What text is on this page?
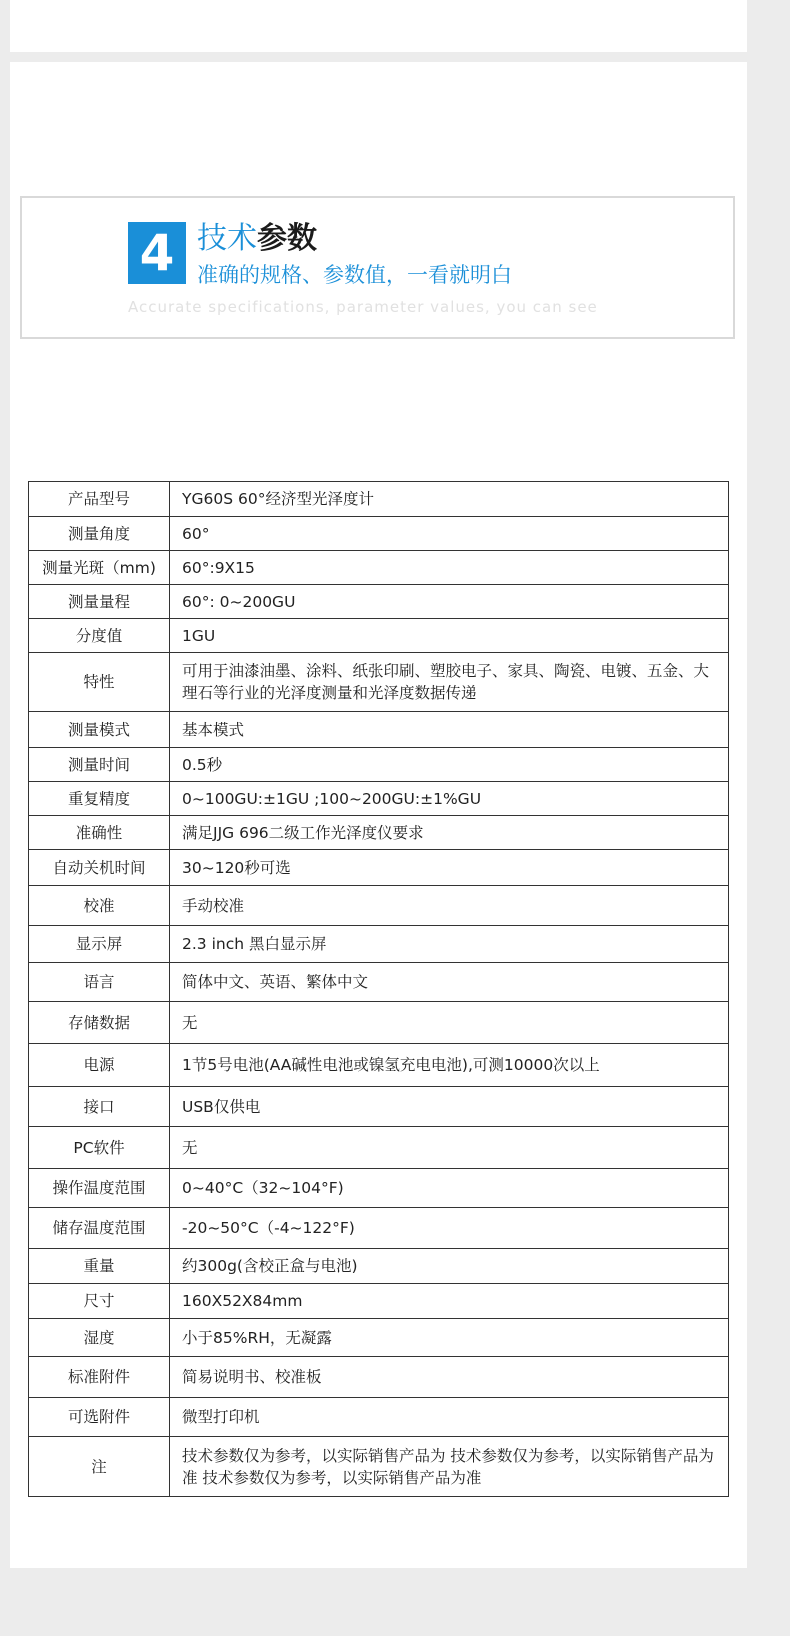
4 技术参数
准确的规格、参数值，一看就明白
Accurate specifications, parameter values, you can see
产品型号	YG60S 60°经济型光泽度计
测量角度	60°
测量光斑（mm)	60°:9X15
测量量程	60°: 0~200GU
分度值	1GU
特性	可用于油漆油墨、涂料、纸张印刷、塑胶电子、家具、陶瓷、电镀、五金、大理石等行业的光泽度测量和光泽度数据传递
测量模式	基本模式
测量时间	0.5秒
重复精度	0~100GU:±1GU ;100~200GU:±1%GU
准确性	满足JJG 696二级工作光泽度仪要求
自动关机时间	30~120秒可选
校准	手动校准
显示屏	2.3 inch 黑白显示屏
语言	简体中文、英语、繁体中文
存储数据	无
电源	1节5号电池(AA碱性电池或镍氢充电电池),可测10000次以上
接口	USB仅供电
PC软件	无
操作温度范围	0~40°C（32~104°F)
储存温度范围	-20~50°C（-4~122°F)
重量	约300g(含校正盒与电池)
尺寸	160X52X84mm
湿度	小于85%RH，无凝露
标准附件	简易说明书、校准板
可选附件	微型打印机
注	技术参数仅为参考，以实际销售产品为 技术参数仅为参考，以实际销售产品为准 技术参数仅为参考，以实际销售产品为准
